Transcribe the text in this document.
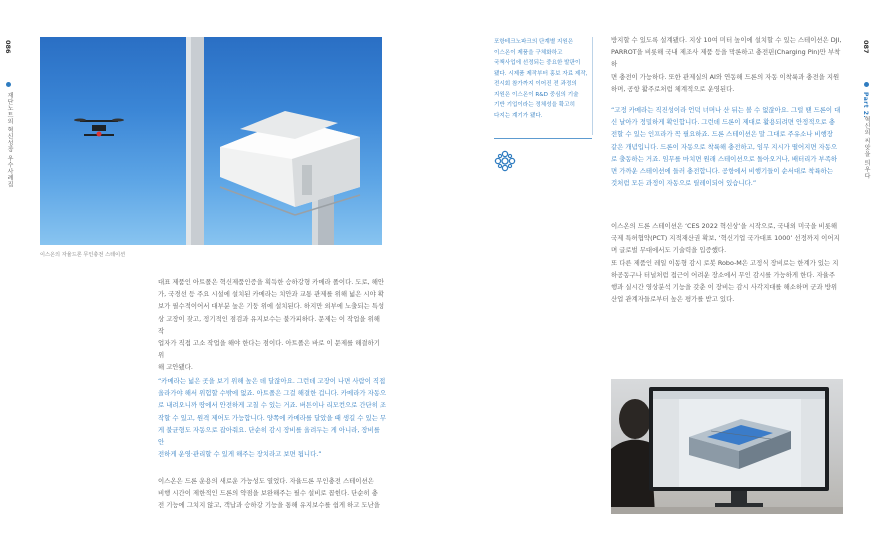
086
재단노트의 혁신성장 우수사례집
이스온의 자율드론 무인충전 스테이션

대표 제품인 아트폴은 혁신제품인증을 획득한 승하강형 카메라 폴이다. 도로, 해안
가, 국경선 등 주요 시설에 설치된 카메라는 치안과 교통 관제를 위해 넓은 시야 확
보가 필수적이어서 대부분 높은 기둥 위에 설치된다. 하지만 외부에 노출되는 특성
상 고장이 잦고, 정기적인 점검과 유지보수는 불가피하다. 문제는 이 작업을 위해 작
업자가 직접 고소 작업을 해야 한다는 점이다. 아트폴은 바로 이 문제를 해결하기 위
해 고안됐다.

“카메라는 넓은 곳을 보기 위해 높은 데 달잖아요. 그런데 고장이 나면 사람이 직접
올라가야 해서 위험할 수밖에 없죠. 아트폴은 그걸 해결한 겁니다. 카메라가 자동으
로 내려오니까 땅에서 안전하게 고칠 수 있는 거죠. 버튼이나 리모컨으로 간단히 조
작할 수 있고, 원격 제어도 가능합니다. 양쪽에 카메라를 달았을 때 생길 수 있는 무
게 불균형도 자동으로 잡아줘요. 단순히 감시 장비를 올려두는 게 아니라, 장비를 안
전하게 운영·관리할 수 있게 해주는 장치라고 보면 됩니다.”

이스온은 드론 운용의 새로운 가능성도 열었다. 자율드론 무인충전 스테이션은
비행 시간이 제한적인 드론의 약점을 보완해주는 필수 설비로 꼽힌다. 단순히 충
전 기능에 그치지 않고, 객납과 승하강 기능을 통해 유지보수를 쉽게 하고 도난을

포항테크노파크의 단계별 지원은
이스온이 제품을 구체화하고
국책사업에 선정되는 중요한 발판이
됐다. 시제품 제작부터 홍보 자료 제작,
전시회 참가까지 이어진 전 과정의
지원은 이스온이 R&D 중심의 기술
기반 기업이라는 정체성을 확고히
다지는 계기가 됐다.

방지할 수 있도록 설계됐다. 지상 10여 미터 높이에 설치할 수 있는 스테이션은 DJI,
PARROT을 비롯해 국내 제조사 제품 등을 막론하고 충전핀(Charging Pin)만 부착하
면 충전이 가능하다. 또한 관제실의 AI와 연동해 드론의 자동 이착륙과 충전을 지원
하며, 공항 활주로처럼 체계적으로 운영된다.

“고정 카메라는 직진성이라 언덕 너머나 산 뒤는 볼 수 없잖아요. 그럴 땐 드론이 대
신 날아가 정밀하게 확인합니다. 그런데 드론이 제대로 활용되려면 안정적으로 충
전할 수 있는 인프라가 꼭 필요하죠. 드론 스테이션은 말 그대로 주유소나 비행장
같은 개념입니다. 드론이 자동으로 착륙해 충전하고, 임무 지시가 떨어지면 자동으
로 출동하는 거죠. 임무를 마치면 원래 스테이션으로 돌아오거나, 배터리가 부족하
면 가까운 스테이션에 들러 충전합니다. 공항에서 비행기들이 순서대로 착륙하는
것처럼 모든 과정이 자동으로 릴레이되어 있습니다.”

이스온의 드론 스테이션은 ‘CES 2022 혁신상’을 시작으로, 국내외 미국을 비롯해
국제 특허협약(PCT) 지적재산권 확보, ‘혁신기업 국가대표 1000’ 선정까지 이어지
며 글로벌 무대에서도 기술력을 입증했다.
또 다른 제품인 레일 이동형 감시 로봇 Robo-M은 고정식 장비로는 한계가 있는 지
하공동구나 터널처럼 접근이 어려운 장소에서 무인 감시를 가능하게 한다. 자율주
행과 실시간 영상분석 기능을 갖춘 이 장비는 감시 사각지대를 해소하며 군과 방위
산업 관계자들로부터 높은 평가를 받고 있다.

087
Part 2.
혁신의 씨앗을 틔우다
